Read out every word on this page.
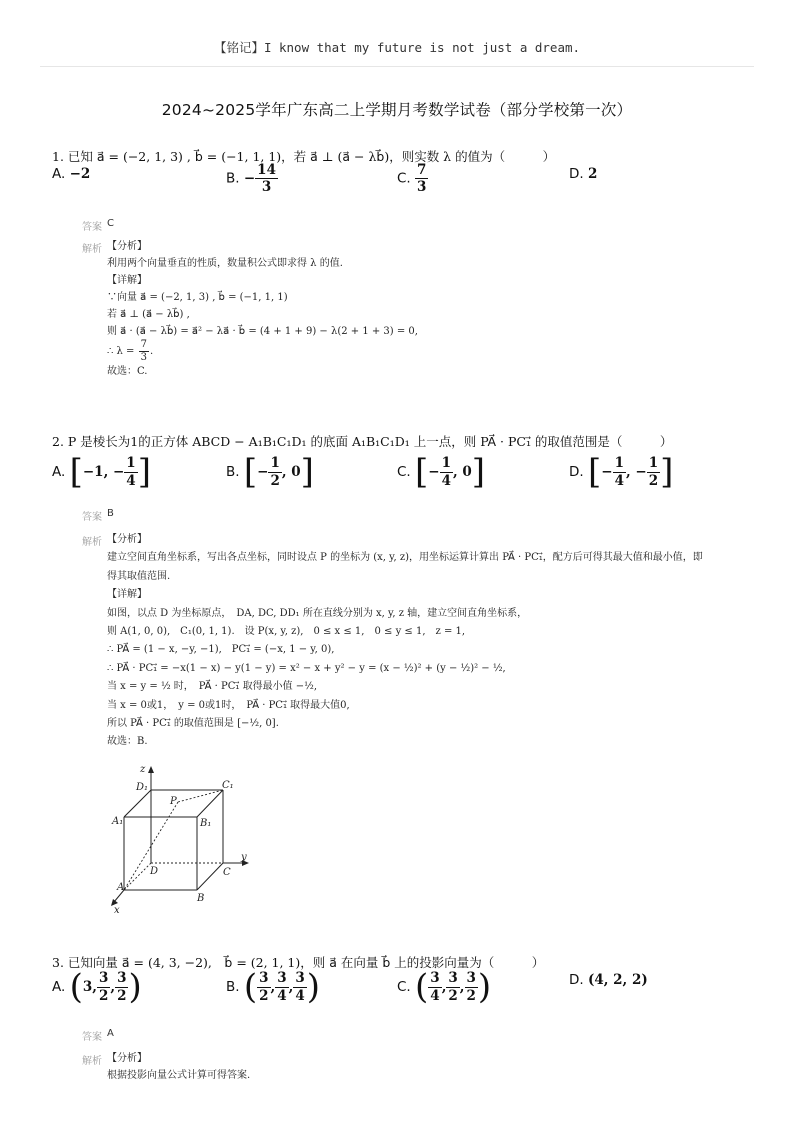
【铭记】I know that my future is not just a dream.
2024~2025学年广东高二上学期月考数学试卷（部分学校第一次）
1. 已知 a⃗ = (−2, 1, 3) , b⃗ = (−1, 1, 1)，若 a⃗ ⊥ (a⃗ − λb⃗)，则实数 λ 的值为（　　　）
A. −2	B. − $\frac{14}{3}$	C. $\frac{7}{3}$	D. 2
答案 C
解析 【分析】
利用两个向量垂直的性质，数量积公式即求得 λ 的值.
【详解】
∵向量 a⃗ = (−2, 1, 3) , b⃗ = (−1, 1, 1)
若 a⃗ ⊥ (a⃗ − λb⃗) ,
则 a⃗ · (a⃗ − λb⃗) = a⃗² − λa⃗ · b⃗ = (4 + 1 + 9) − λ(2 + 1 + 3) = 0,
∴ $\lambda = \frac{7}{3}$ .
故选：C.
2. P 是棱长为1的正方体 ABCD − A₁B₁C₁D₁ 的底面 A₁B₁C₁D₁ 上一点，则 PA⃗ · PC₁⃗ 的取值范围是（　　　）
A. [−1, − $\frac{1}{4}$ ]	B. [− $\frac{1}{2}$ , 0]	C. [− $\frac{1}{4}$ , 0]	D. [− $\frac{1}{4}$ , − $\frac{1}{2}$ ]
答案 B
解析 【分析】
建立空间直角坐标系，写出各点坐标，同时设点 P 的坐标为 (x, y, z)，用坐标运算计算出 PA⃗ · PC₁⃗，配方后可得其最大值和最小值，即
得其取值范围.
【详解】
如图，以点 D 为坐标原点，　DA, DC, DD₁ 所在直线分别为 x, y, z 轴，建立空间直角坐标系，
则 A(1, 0, 0),　C₁(0, 1, 1).　设 P(x, y, z),　0 ≤ x ≤ 1,　0 ≤ y ≤ 1,　z = 1,
∴ PA⃗ = (1 − x, −y, −1),　PC₁⃗ = (−x, 1 − y, 0),
∴ PA⃗ · PC₁⃗ = −x(1 − x) − y(1 − y) = x² − x + y² − y = (x − ½)² + (y − ½)² − ½,
当 x = y = ½ 时，　PA⃗ · PC₁⃗ 取得最小值 −½,
当 x = 0或1，　y = 0或1时，　PA⃗ · PC₁⃗ 取得最大值0,
所以 PA⃗ · PC₁⃗ 的取值范围是 [−½, 0].
故选：B.
z
D₁	C₁
P
A₁	B₁
D	C
y
A
B
x
3. 已知向量 a⃗ = (4, 3, −2),　b⃗ = (2, 1, 1)，则 a⃗ 在向量 b⃗ 上的投影向量为（　　　）
A. (3, $\frac{3}{2}$ , $\frac{3}{2}$ )	B. ( $\frac{3}{2}$ , $\frac{3}{4}$ , $\frac{3}{4}$ )	C. ( $\frac{3}{4}$ , $\frac{3}{2}$ , $\frac{3}{2}$ )	D. (4, 2, 2)
答案 A
解析 【分析】
根据投影向量公式计算可得答案.
